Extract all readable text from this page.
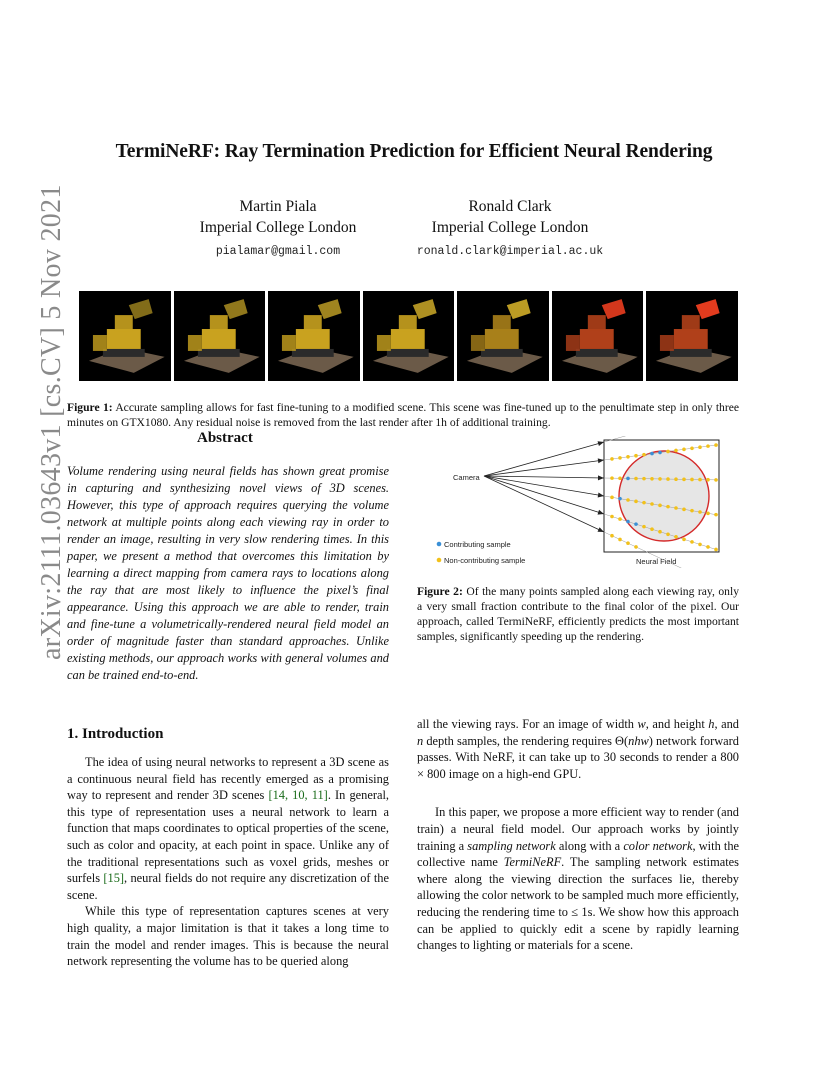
arXiv:2111.03643v1 [cs.CV] 5 Nov 2021
TermiNeRF: Ray Termination Prediction for Efficient Neural Rendering
Martin Piala
Imperial College London
pialamar@gmail.com
Ronald Clark
Imperial College London
ronald.clark@imperial.ac.uk
Figure 1: Accurate sampling allows for fast fine-tuning to a modified scene. This scene was fine-tuned up to the penultimate step in only three minutes on GTX1080. Any residual noise is removed from the last render after 1h of additional training.
Abstract
Volume rendering using neural fields has shown great promise in capturing and synthesizing novel views of 3D scenes. However, this type of approach requires querying the volume network at multiple points along each viewing ray in order to render an image, resulting in very slow rendering times. In this paper, we present a method that overcomes this limitation by learning a direct mapping from camera rays to locations along the ray that are most likely to influence the pixel’s final appearance. Using this approach we are able to render, train and fine-tune a volumetrically-rendered neural field model an order of magnitude faster than standard approaches. Unlike existing methods, our approach works with general volumes and can be trained end-to-end.
Camera
Neural Field
Contributing sample
Non-contributing sample
Figure 2: Of the many points sampled along each viewing ray, only a very small fraction contribute to the final color of the pixel. Our approach, called TermiNeRF, efficiently predicts the most important samples, significantly speeding up the rendering.
1. Introduction

The idea of using neural networks to represent a 3D scene as a continuous neural field has recently emerged as a promising way to represent and render 3D scenes [14, 10, 11]. In general, this type of representation uses a neural network to learn a function that maps coordinates to optical properties of the scene, such as color and opacity, at each point in space. Unlike any of the traditional representations such as voxel grids, meshes or surfels [15], neural fields do not require any discretization of the scene.

While this type of representation captures scenes at very high quality, a major limitation is that it takes a long time to train the model and render images. This is because the neural network representing the volume has to be queried along

all the viewing rays. For an image of width w, and height h, and n depth samples, the rendering requires Θ(nhw) network forward passes. With NeRF, it can take up to 30 seconds to render a 800 × 800 image on a high-end GPU.

In this paper, we propose a more efficient way to render (and train) a neural field model. Our approach works by jointly training a sampling network along with a color network, with the collective name TermiNeRF. The sampling network estimates where along the viewing direction the surfaces lie, thereby allowing the color network to be sampled much more efficiently, reducing the rendering time to ≤ 1s. We show how this approach can be applied to quickly edit a scene by rapidly learning changes to lighting or materials for a scene.
